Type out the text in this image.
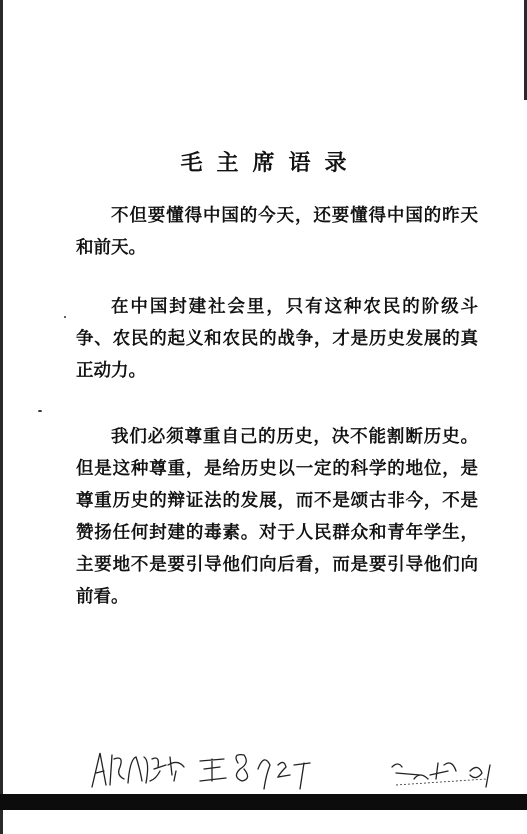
毛主席语录

不但要懂得中国的今天，还要懂得中国的昨天和前天。

在中国封建社会里，只有这种农民的阶级斗争、农民的起义和农民的战争，才是历史发展的真正动力。

我们必须尊重自己的历史，决不能割断历史。但是这种尊重，是给历史以一定的科学的地位，是尊重历史的辩证法的发展，而不是颂古非今，不是赞扬任何封建的毒素。对于人民群众和青年学生，主要地不是要引导他们向后看，而是要引导他们向前看。
